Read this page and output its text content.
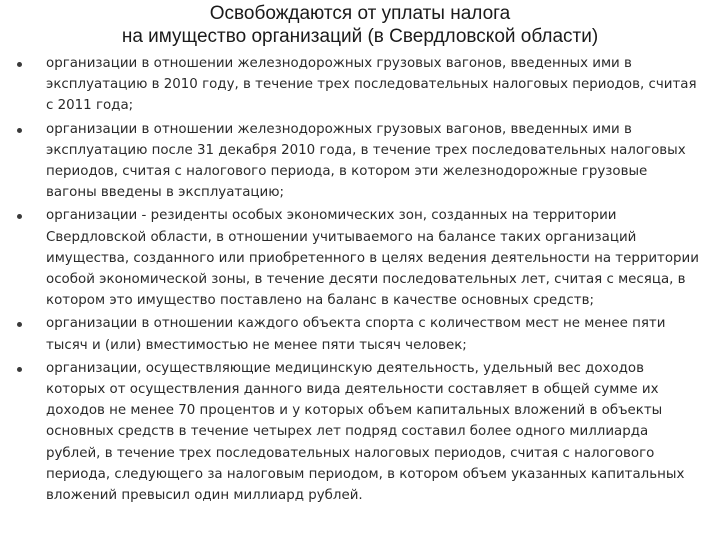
Освобождаются от уплаты налога
на имущество организаций (в Свердловской области)
организации в отношении железнодорожных грузовых вагонов, введенных ими в эксплуатацию в 2010 году, в течение трех последовательных налоговых периодов, считая с 2011 года;
организации в отношении железнодорожных грузовых вагонов, введенных ими в эксплуатацию после 31 декабря 2010 года, в течение трех последовательных налоговых периодов, считая с налогового периода, в котором эти железнодорожные грузовые вагоны введены в эксплуатацию;
организации - резиденты особых экономических зон, созданных на территории Свердловской области, в отношении учитываемого на балансе таких организаций имущества, созданного или приобретенного в целях ведения деятельности на территории особой экономической зоны, в течение десяти последовательных лет, считая с месяца, в котором это имущество поставлено на баланс в качестве основных средств;
организации в отношении каждого объекта спорта с количеством мест не менее пяти тысяч и (или) вместимостью не менее пяти тысяч человек;
организации, осуществляющие медицинскую деятельность, удельный вес доходов которых от осуществления данного вида деятельности составляет в общей сумме их доходов не менее 70 процентов и у которых объем капитальных вложений в объекты основных средств в течение четырех лет подряд составил более одного миллиарда рублей, в течение трех последовательных налоговых периодов, считая с налогового периода, следующего за налоговым периодом, в котором объем указанных капитальных вложений превысил один миллиард рублей.
